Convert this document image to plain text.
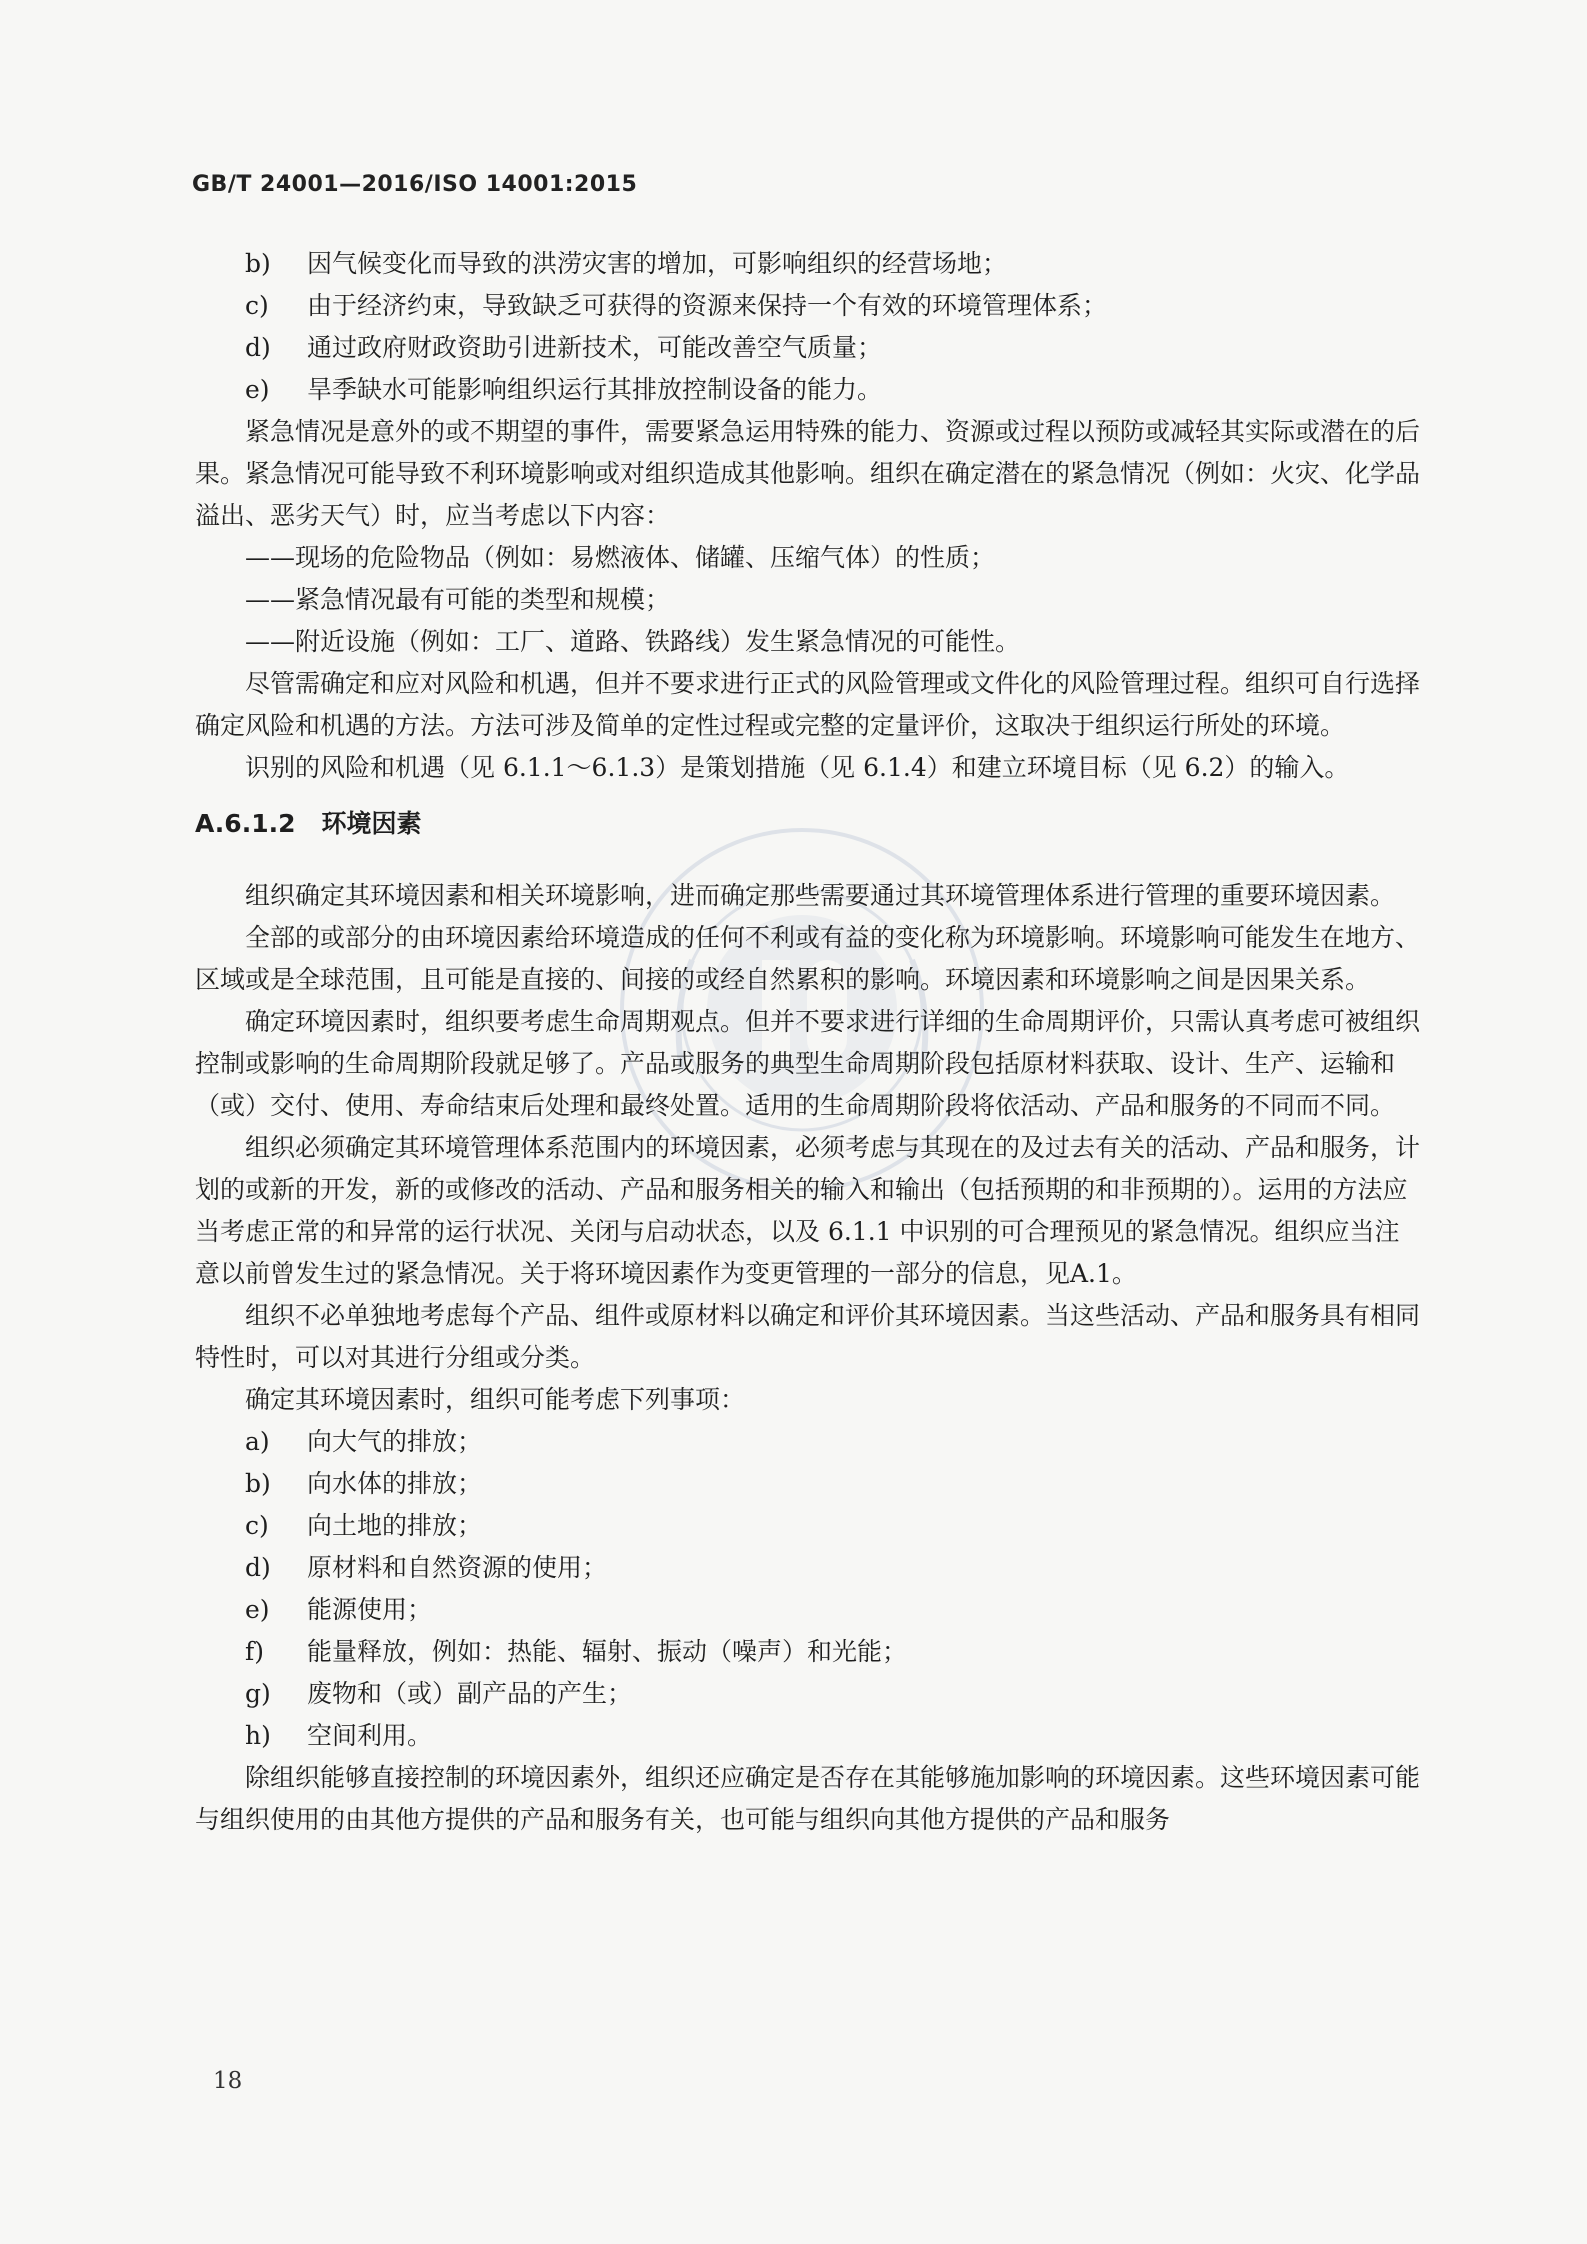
GB/T 24001—2016/ISO 14001:2015

b) 因气候变化而导致的洪涝灾害的增加，可影响组织的经营场地；

c) 由于经济约束，导致缺乏可获得的资源来保持一个有效的环境管理体系；

d) 通过政府财政资助引进新技术，可能改善空气质量；

e) 旱季缺水可能影响组织运行其排放控制设备的能力。

紧急情况是意外的或不期望的事件，需要紧急运用特殊的能力、资源或过程以预防或减轻其实际或潜在的后果。紧急情况可能导致不利环境影响或对组织造成其他影响。组织在确定潜在的紧急情况（例如：火灾、化学品溢出、恶劣天气）时，应当考虑以下内容：

——现场的危险物品（例如：易燃液体、储罐、压缩气体）的性质；

——紧急情况最有可能的类型和规模；

——附近设施（例如：工厂、道路、铁路线）发生紧急情况的可能性。

尽管需确定和应对风险和机遇，但并不要求进行正式的风险管理或文件化的风险管理过程。组织可自行选择确定风险和机遇的方法。方法可涉及简单的定性过程或完整的定量评价，这取决于组织运行所处的环境。

识别的风险和机遇（见 6.1.1～6.1.3）是策划措施（见 6.1.4）和建立环境目标（见 6.2）的输入。

A.6.1.2 环境因素

组织确定其环境因素和相关环境影响，进而确定那些需要通过其环境管理体系进行管理的重要环境因素。

全部的或部分的由环境因素给环境造成的任何不利或有益的变化称为环境影响。环境影响可能发生在地方、区域或是全球范围，且可能是直接的、间接的或经自然累积的影响。环境因素和环境影响之间是因果关系。

确定环境因素时，组织要考虑生命周期观点。但并不要求进行详细的生命周期评价，只需认真考虑可被组织控制或影响的生命周期阶段就足够了。产品或服务的典型生命周期阶段包括原材料获取、设计、生产、运输和（或）交付、使用、寿命结束后处理和最终处置。适用的生命周期阶段将依活动、产品和服务的不同而不同。

组织必须确定其环境管理体系范围内的环境因素，必须考虑与其现在的及过去有关的活动、产品和服务，计划的或新的开发，新的或修改的活动、产品和服务相关的输入和输出（包括预期的和非预期的）。运用的方法应当考虑正常的和异常的运行状况、关闭与启动状态，以及 6.1.1 中识别的可合理预见的紧急情况。组织应当注意以前曾发生过的紧急情况。关于将环境因素作为变更管理的一部分的信息，见A.1。

组织不必单独地考虑每个产品、组件或原材料以确定和评价其环境因素。当这些活动、产品和服务具有相同特性时，可以对其进行分组或分类。

确定其环境因素时，组织可能考虑下列事项：

a) 向大气的排放；

b) 向水体的排放；

c) 向土地的排放；

d) 原材料和自然资源的使用；

e) 能源使用；

f) 能量释放，例如：热能、辐射、振动（噪声）和光能；

g) 废物和（或）副产品的产生；

h) 空间利用。

除组织能够直接控制的环境因素外，组织还应确定是否存在其能够施加影响的环境因素。这些环境因素可能与组织使用的由其他方提供的产品和服务有关，也可能与组织向其他方提供的产品和服务

18
